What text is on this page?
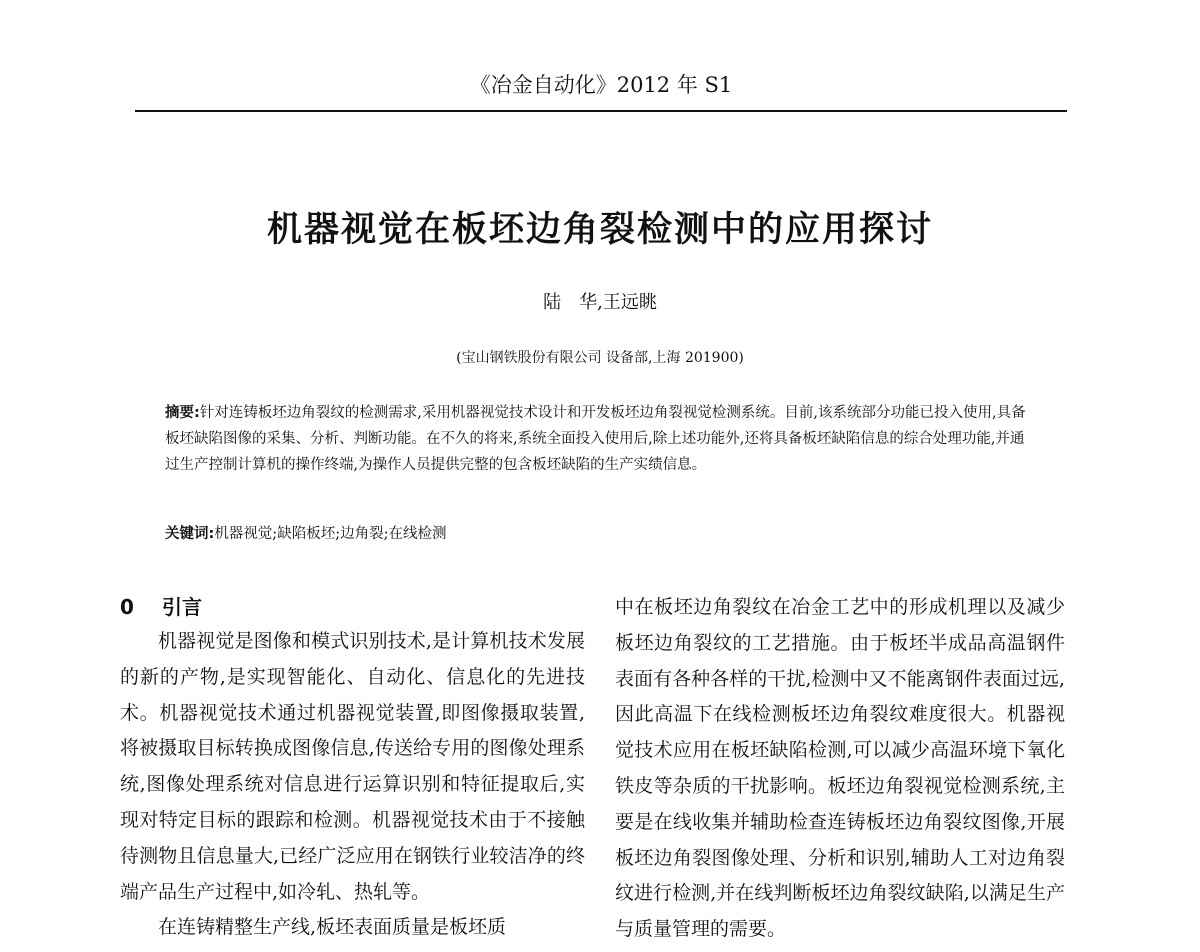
《冶金自动化》2012 年 S1
机器视觉在板坯边角裂检测中的应用探讨
陆　华,王远眺
(宝山钢铁股份有限公司 设备部,上海 201900)
摘要:针对连铸板坯边角裂纹的检测需求,采用机器视觉技术设计和开发板坯边角裂视觉检测系统。目前,该系统部分功能已投入使用,具备板坯缺陷图像的采集、分析、判断功能。在不久的将来,系统全面投入使用后,除上述功能外,还将具备板坯缺陷信息的综合处理功能,并通过生产控制计算机的操作终端,为操作人员提供完整的包含板坯缺陷的生产实绩信息。
关键词:机器视觉;缺陷板坯;边角裂;在线检测
0 引言

机器视觉是图像和模式识别技术,是计算机技术发展的新的产物,是实现智能化、自动化、信息化的先进技术。机器视觉技术通过机器视觉装置,即图像摄取装置,将被摄取目标转换成图像信息,传送给专用的图像处理系统,图像处理系统对信息进行运算识别和特征提取后,实现对特定目标的跟踪和检测。机器视觉技术由于不接触待测物且信息量大,已经广泛应用在钢铁行业较洁净的终端产品生产过程中,如冷轧、热轧等。

在连铸精整生产线,板坯表面质量是板坯质

中在板坯边角裂纹在冶金工艺中的形成机理以及减少板坯边角裂纹的工艺措施。由于板坯半成品高温钢件表面有各种各样的干扰,检测中又不能离钢件表面过远,因此高温下在线检测板坯边角裂纹难度很大。机器视觉技术应用在板坯缺陷检测,可以减少高温环境下氧化铁皮等杂质的干扰影响。板坯边角裂视觉检测系统,主要是在线收集并辅助检查连铸板坯边角裂纹图像,开展板坯边角裂图像处理、分析和识别,辅助人工对边角裂纹进行检测,并在线判断板坯边角裂纹缺陷,以满足生产与质量管理的需要。
